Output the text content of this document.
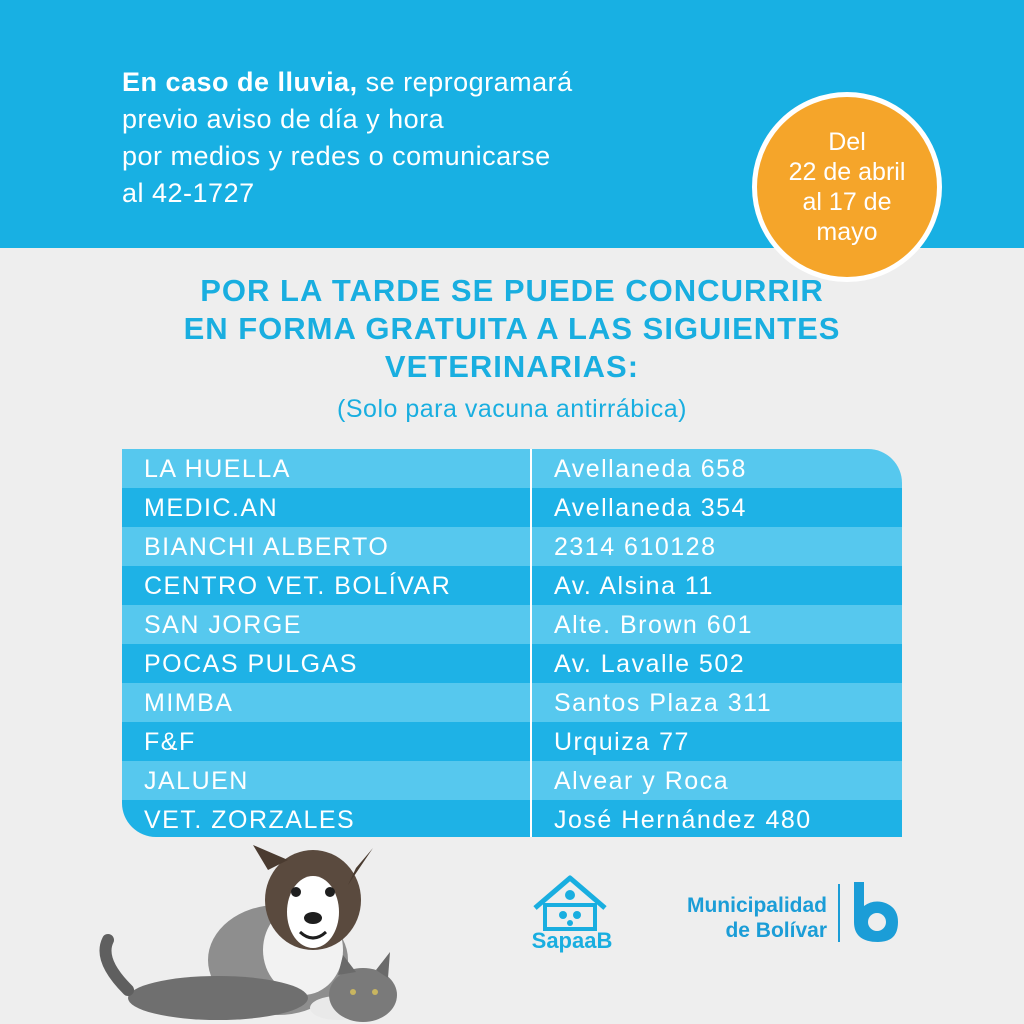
En caso de lluvia, se reprogramará
previo aviso de día y hora
por medios y redes o comunicarse
al 42-1727
Del
22 de abril
al 17 de
mayo
POR LA TARDE SE PUEDE CONCURRIR
EN FORMA GRATUITA A LAS SIGUIENTES
VETERINARIAS:
(Solo para vacuna antirrábica)
LA HUELLA	Avellaneda 658
MEDIC.AN	Avellaneda 354
BIANCHI ALBERTO	2314 610128
CENTRO VET. BOLÍVAR	Av. Alsina 11
SAN JORGE	Alte. Brown 601
POCAS PULGAS	Av. Lavalle 502
MIMBA	Santos Plaza 311
F&F	Urquiza 77
JALUEN	Alvear y Roca
VET. ZORZALES	José Hernández 480
SapaaB
Municipalidad
de Bolívar
